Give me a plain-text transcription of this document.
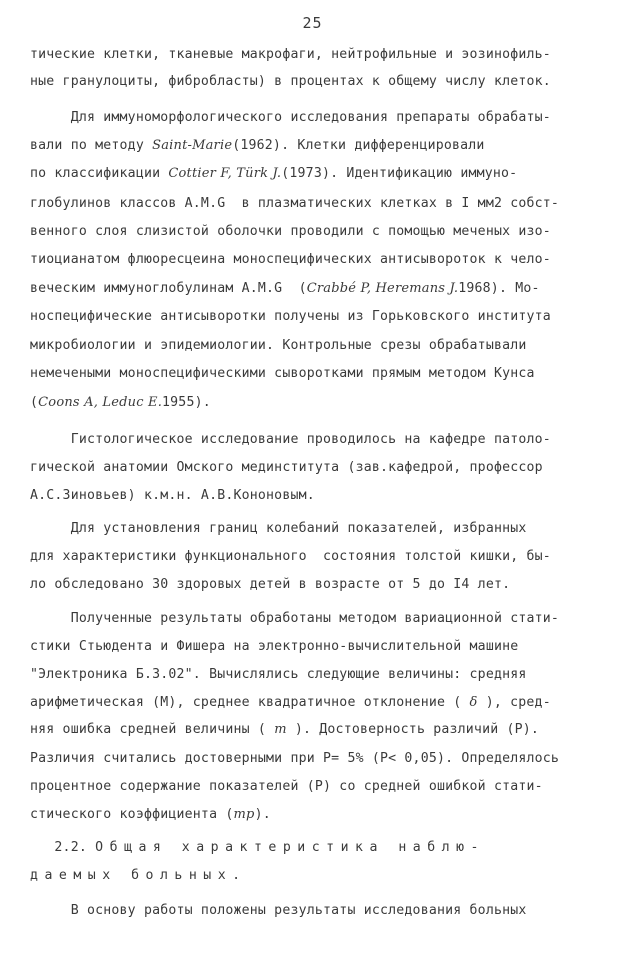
25
тические клетки, тканевые макрофаги, нейтрофильные и эозинофиль-
ные гранулоциты, фибробласты) в процентах к общему числу клеток.
Для иммуноморфологического исследования препараты обрабаты-
вали по методу Saint-Marie(1962). Клетки дифференцировали
по классификации Cottier F, Türk J.(1973). Идентификацию иммуно-
глобулинов классов А.М.G  в плазматических клетках в I мм2 собст-
венного слоя слизистой оболочки проводили с помощью меченых изо-
тиоцианатом флюоресцеина моноспецифических антисывороток к чело-
веческим иммуноглобулинам А.М.G  (Crabbé P, Heremans J.1968). Мо-
носпецифические антисыворотки получены из Горьковского института
микробиологии и эпидемиологии. Контрольные срезы обрабатывали
немечеными моноспецифическими сыворотками прямым методом Кунса
(Coons A, Leduc E.1955).
Гистологическое исследование проводилось на кафедре патоло-
гической анатомии Омского мединститута (зав.кафедрой, профессор
А.С.Зиновьев) к.м.н. А.В.Кононовым.
Для установления границ колебаний показателей, избранных
для характеристики функционального  состояния толстой кишки, бы-
ло обследовано 30 здоровых детей в возрасте от 5 до I4 лет.
Полученные результаты обработаны методом вариационной стати-
стики Стьюдента и Фишера на электронно-вычислительной машине
"Электроника Б.3.02". Вычислялись следующие величины: средняя
арифметическая (М), среднее квадратичное отклонение ( δ ), сред-
няя ошибка средней величины ( m ). Достоверность различий (Р).
Различия считались достоверными при Р= 5% (Р< 0,05). Определялось
процентное содержание показателей (Р) со средней ошибкой стати-
стического коэффициента (mp).
2.2. Общая характеристика наблю-
даемых больных.
В основу работы положены результаты исследования больных
